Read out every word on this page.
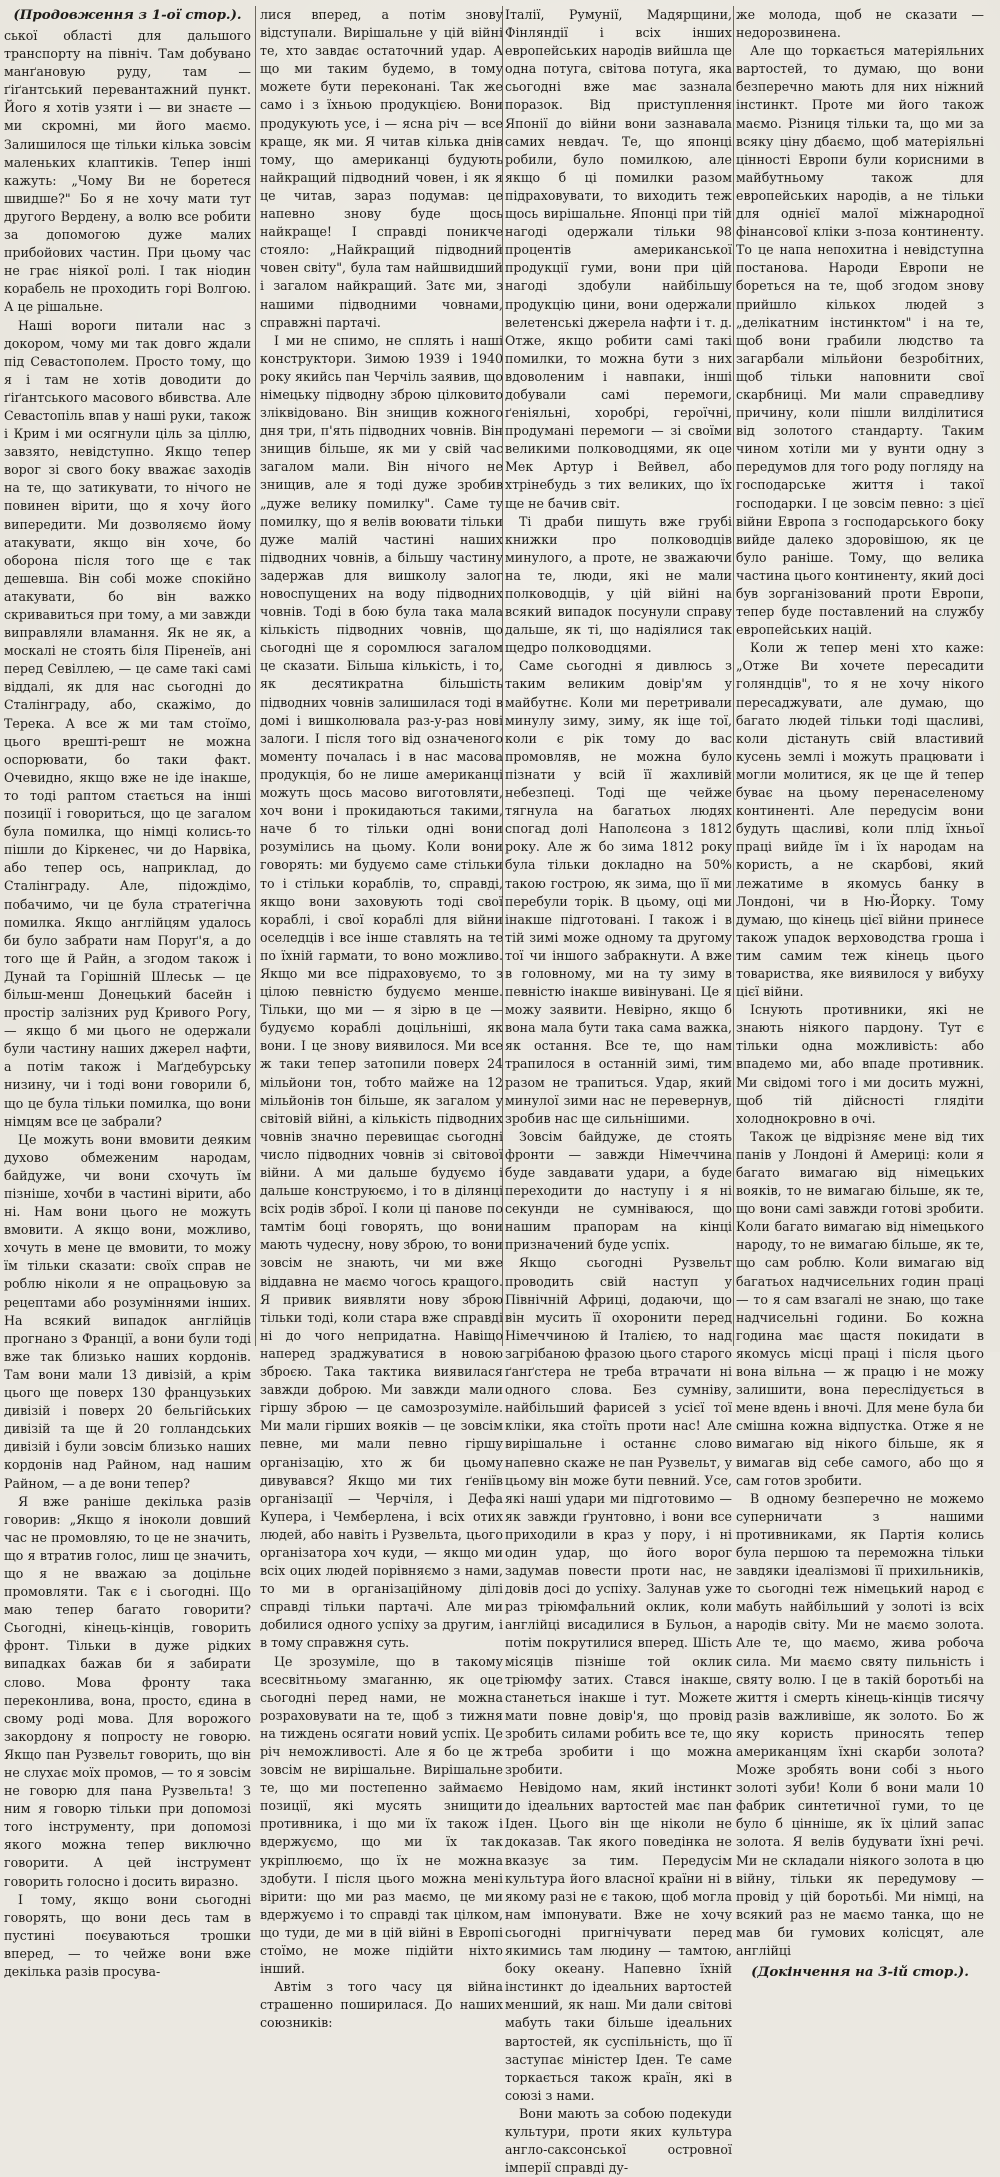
(Продовження з 1-ої стор.).

ської області для дальшого транспорту на північ. Там добувано манґановую руду, там — ґіґантський перевантажний пункт. Його я хотів узяти і — ви знаєте — ми скромні, ми його маємо. Залишилося ще тільки кілька зовсім маленьких клаптиків. Тепер інші кажуть: „Чому Ви не боретеся швидше?" Бо я не хочу мати тут другого Вердену, а волю все робити за допомогою дуже малих прибойових частин. При цьому час не грає ніякої ролі. І так ніодин корабель не проходить горі Волгою. А це рішальне.

Наші вороги питали нас з докором, чому ми так довго ждали під Севастополем. Просто тому, що я і там не хотів доводити до ґіґантського масового вбивства. Але Севастопіль впав у наші руки, також і Крим і ми осягнули ціль за ціллю, завзято, невідступно. Якщо тепер ворог зі свого боку вважає заходів на те, що затикувати, то нічого не повинен вірити, що я хочу його випередити. Ми дозволяємо йому атакувати, якщо він хоче, бо оборона після того ще є так дешевша. Він собі може спокійно атакувати, бо він важко скривавиться при тому, а ми завжди виправляли вламання. Як не як, а москалі не стоять біля Піренеїв, ані перед Севіллею, — це саме такі самі віддалі, як для нас сьогодні до Сталінграду, або, скажімо, до Терека. А все ж ми там стоїмо, цього врешті-решт не можна оспорювати, бо таки факт. Очевидно, якщо вже не іде інакше, то тоді раптом стається на інші позиції і говориться, що це загалом була помилка, що німці колись-то пішли до Кіркенес, чи до Нарвіка, або тепер ось, наприклад, до Сталінграду. Але, підождімо, побачимо, чи це була стратегічна помилка. Якщо англійцям удалось би було забрати нам Поруґ'я, а до того ще й Райн, а згодом також і Дунай та Горішній Шлеськ — це більш-менш Донецький басейн і простір залізних руд Кривого Рогу, — якщо б ми цього не одержали були частину наших джерел нафти, а потім також і Маґдебурську низину, чи і тоді вони говорили б, що це була тільки помилка, що вони німцям все це забрали?

Це можуть вони вмовити деяким духово обмеженим народам, байдуже, чи вони схочуть їм пізніше, хочби в частині вірити, або ні. Нам вони цього не можуть вмовити. А якщо вони, можливо, хочуть в мене це вмовити, то можу їм тільки сказати: своїх справ не роблю ніколи я не опрацьовую за рецептами або розуміннями інших. На всякий випадок англійців прогнано з Франції, а вони були тоді вже так близько наших кордонів. Там вони мали 13 дивізій, а крім цього ще поверх 130 французьких дивізій і поверх 20 бельгійських дивізій та ще й 20 голландських дивізій і були зовсім близько наших кордонів над Райном, над нашим Райном, — а де вони тепер?

Я вже раніше декілька разів говорив: „Якщо я іноколи довший час не промовляю, то це не значить, що я втратив голос, лиш це значить, що я не вважаю за доцільне промовляти. Так є і сьогодні. Що маю тепер багато говорити? Сьогодні, кінець-кінців, говорить фронт. Тільки в дуже рідких випадках бажав би я забирати слово. Мова фронту така переконлива, вона, просто, єдина в свому роді мова. Для ворожого закордону я попросту не говорю. Якщо пан Рузвельт говорить, що він не слухає моїх промов, — то я зовсім не говорю для пана Рузвельта! З ним я говорю тільки при допомозі того інструменту, при допомозі якого можна тепер виключно говорити. А цей інструмент говорить голосно і досить виразно.

І тому, якщо вони сьогодні говорять, що вони десь там в пустині поєуваються трошки вперед, — то чейже вони вже декілька разів просува-

лися вперед, а потім знову відступали. Вирішальне у цій війні те, хто завдає остаточний удар. А що ми таким будемо, в тому можете бути переконані. Так же само і з їхньою продукцією. Вони продукують усе, і — ясна річ — все краще, як ми. Я читав кілька днів тому, що американці будують найкращий підводний човен, і як я це читав, зараз подумав: це напевно знову буде щось найкраще! І справді поникче стояло: „Найкращий підводний човен світу", була там найшвидший і загалом найкращий. Затє ми, з нашими підводними човнами, справжні партачі.

І ми не спимо, не сплять і наші конструктори. Зимою 1939 і 1940 року якийсь пан Черчіль заявив, що німецьку підводну зброю цілковито зліквідовано. Він знищив кожного дня три, п'ять підводних човнів. Він знищив більше, як ми у свій час загалом мали. Він нічого не знищив, але я тоді дуже зробив „дуже велику помилку". Саме ту помилку, що я велів воювати тільки дуже малій частині наших підводних човнів, а більшу частину задержав для вишколу залог новоспущених на воду підводних човнів. Тоді в бою була така мала кількість підводних човнів, що сьогодні ще я соромлюся загалом це сказати. Більша кількість, і то, як десятикратна більшість підводних човнів залишилася тоді в домі і вишколювала раз-у-раз нові залоги. І після того від означеного моменту почалась і в нас масова продукція, бо не лише американці можуть щось масово виготовляти, хоч вони і прокидаються такими, наче б то тільки одні вони розумілись на цьому. Коли вони говорять: ми будуємо саме стільки то і стільки кораблів, то, справді, якщо вони заховують тоді свої кораблі, і свої кораблі для війни оселедців і все інше ставлять на те по їхній гармати, то воно можливо. Якщо ми все підраховуємо, то з цілою певністю будуємо менше. Тільки, що ми — я зірю в це — будуємо кораблі доцільніші, як вони. І це знову виявилося. Ми все ж таки тепер затопили поверх 24 мільйони тон, тобто майже на 12 мільйонів тон більше, як загалом у світовій війні, а кількість підводних човнів значно перевищає сьогодні число підводних човнів зі світової війни. А ми дальше будуємо і дальше конструюємо, і то в ділянці всіх родів зброї. І коли ці панове по тамтім боці говорять, що вони мають чудесну, нову зброю, то вони зовсім не знають, чи ми вже віддавна не маємо чогось кращого. Я привик виявляти нову зброю тільки тоді, коли стара вже справді ні до чого непридатна. Навіщо наперед зраджуватися в новою зброєю. Така тактика виявилася завжди доброю. Ми завжди мали гіршу зброю — це самозрозуміле. Ми мали гірших вояків — це зовсім певне, ми мали певно гіршу організацію, хто ж би цьому дивувався? Якщо ми тих ґеніїв організації — Черчіля, і Дефа Купера, і Чемберлена, і всіх отих людей, або навіть і Рузвельта, цього організатора хоч куди, — якщо ми всіх оцих людей порівняємо з нами, то ми в організаційному ділі справді тільки партачі. Але ми добилися одного успіху за другим, і в тому справжня суть.

Це зрозуміле, що в такому всесвітньому змаганню, як оце сьогодні перед нами, не можна розраховувати на те, щоб з тижня на тиждень осягати новий успіх. Це річ неможливості. Але я бо це ж зовсім не вирішальне. Вирішальне те, що ми постепенно займаємо позиції, які мусять знищити противника, і що ми їх також і вдержуємо, що ми їх так укріплюємо, що їх не можна здобути. І після цього можна мені вірити: що ми раз маємо, це ми вдержуємо і то справді так цілком, що туди, де ми в цій війні в Европі стоїмо, не може підійти ніхто інший.

Автім з того часу ця війна страшенно поширилася. До наших союзників:

Італії, Румунії, Мадярщини, Фінляндії і всіх інших европейських народів вийшла ще одна потуга, світова потуга, яка сьогодні вже має зазнала поразок. Від приступлення Японії до війни вони зазнавала самих невдач. Те, що японці робили, було помилкою, але якщо б ці помилки разом підраховувати, то виходить теж щось вирішальне. Японці при тій нагоді одержали тільки 98 процентів американської продукції гуми, вони при цій нагоді здобули найбільшу продукцію цини, вони одержали велетенські джерела нафти і т. д. Отже, якщо робити самі такі помилки, то можна бути з них вдоволеним і навпаки, інші добували самі перемоги, ґеніяльні, хоробрі, героїчні, продумані перемоги — зі своїми великими полководцями, як оце Мек Артур і Вейвел, або хтрінебудь з тих великих, що їх ще не бачив світ.

Ті драби пишуть вже грубі книжки про полководців минулого, а проте, не зважаючи на те, люди, які не мали полководців, у цій війні на всякий випадок посунули справу дальше, як ті, що надіялися так щедро полководцями.

Саме сьогодні я дивлюсь з таким великим довір'ям у майбутнє. Коли ми перетривали минулу зиму, зиму, як іще тої, коли є рік тому до вас промовляв, не можна було пізнати у всій її жахливій небезпеці. Тоді ще чейже тягнула на багатьох людях спогад долі Наполєона з 1812 року. Але ж бо зима 1812 року була тільки докладно на 50% такою гострою, як зима, що її ми перебули торік. В цьому, оці ми інакше підготовані. І також і в тій зимі може одному та другому тої чи іншого забракнути. А вже в головному, ми на ту зиму в певністю інакше вивінувані. Це я можу заявити. Невірно, якщо б вона мала бути така сама важка, як остання. Все те, що нам трапилося в останній зимі, тим разом не трапиться. Удар, який минулої зими нас не перевернув, зробив нас ще сильнішими.

Зовсім байдуже, де стоять фронти — завжди Німеччина буде завдавати удари, а буде переходити до наступу і я ні секунди не сумніваюся, що нашим прапорам на кінці призначений буде успіх.

Якщо сьогодні Рузвельт проводить свій наступ у Північній Африці, додаючи, що він мусить її охоронити перед Німеччиною й Італією, то над загрібаною фразою цього старого ґанґстера не треба втрачати ні одного слова. Без сумніву, найбільший фарисей з усієї тої кліки, яка стоїть проти нас! Але вирішальне і останнє слово напевно скаже не пан Рузвельт, у цьому він може бути певний. Усе, які наші удари ми підготовимо — як завжди ґрунтовно, і вони все приходили в краз у пору, і ні один удар, що його ворог задумав повести проти нас, не довів досі до успіху. Залунав уже раз тріюмфальний оклик, коли англійці висадилися в Бульон, а потім покрутилися вперед. Шість місяців пізніше той оклик тріюмфу затих. Стався інакше, станеться інакше і тут. Можете мати повне довір'я, що провід зробить силами робить все те, що треба зробити і що можна зробити.

Невідомо нам, який інстинкт до ідеальних вартостей має пан Іден. Цього він ще ніколи не доказав. Так якого поведінка не вказує за тим. Передусім культура його власної країни ні в якому разі не є такою, щоб могла нам імпонувати. Вже не хочу сьогодні пригнічувати перед якимись там людину — тамтою, боку океану. Напевно їхній інстинкт до ідеальних вартостей менший, як наш. Ми дали світові мабуть таки більше ідеальних вартостей, як суспільність, що її заступає міністер Іден. Те саме торкається також країн, які в союзі з нами.

Вони мають за собою подекуди культури, проти яких культура англо-саксонської островної імперії справді ду-

же молода, щоб не сказати — недорозвинена.

Але що торкається матеріяльних вартостей, то думаю, що вони безперечно мають для них ніжний інстинкт. Проте ми його також маємо. Різниця тільки та, що ми за всяку ціну дбаємо, щоб матеріяльні цінності Европи були корисними в майбутньому також для европейських народів, а не тільки для однієї малої міжнародної фінансової кліки з-поза континенту. То це напа непохитна і невідступна постанова. Народи Европи не бореться на те, щоб згодом знову прийшло кількох людей з „делікатним інстинктом" і на те, щоб вони грабили людство та загарбали мільйони безробітних, щоб тільки наповнити свої скарбниці. Ми мали справедливу причину, коли пішли вилділитися від золотого стандарту. Таким чином хотіли ми у вунти одну з передумов для того роду погляду на господарське життя і такої господарки. І це зовсім певно: з цієї війни Европа з господарського боку вийде далеко здоровішою, як це було раніше. Тому, що велика частина цього континенту, який досі був зорганізований проти Европи, тепер буде поставлений на службу европейських націй.

Коли ж тепер мені хто каже: „Отже Ви хочете пересадити голяндців", то я не хочу нікого пересаджувати, але думаю, що багато людей тільки тоді щасливі, коли дістануть свій властивий кусень землі і можуть працювати і могли молитися, як це ще й тепер буває на цьому перенаселеному континенті. Але передусім вони будуть щасливі, коли плід їхньої праці вийде їм і їх народам на користь, а не скарбові, який лежатиме в якомусь банку в Лондоні, чи в Ню-Йорку. Тому думаю, що кінець цієї війни принесе також упадок верховодства гроша і тим самим теж кінець цього товариства, яке виявилося у вибуху цієї війни.

Існують противники, які не знають ніякого пардону. Тут є тільки одна можливість: або впадемо ми, або впаде противник. Ми свідомі того і ми досить мужні, щоб тій дійсності глядіти холоднокровно в очі.

Також це відрізняє мене від тих панів у Лондоні й Америці: коли я багато вимагаю від німецьких вояків, то не вимагаю більше, як те, що вони самі завжди готові зробити. Коли багато вимагаю від німецького народу, то не вимагаю більше, як те, що сам роблю. Коли вимагаю від багатьох надчисельних годин праці — то я сам взагалі не знаю, що таке надчисельні години. Бо кожна година має щастя покидати в якомусь місці праці і після цього вона вільна — ж працю і не можу залишити, вона переслідується в мене вдень і вночі. Для мене була би смішна кожна відпустка. Отже я не вимагаю від нікого більше, як я вимагав від себе самого, або що я сам готов зробити.

В одному безперечно не можемо суперничати з нашими противниками, як Партія колись була першою та переможна тільки завдяки ідеалізмові її прихильників, то сьогодні теж німецький народ є мабуть найбільший у золоті із всіх народів світу. Ми не маємо золота. Але те, що маємо, жива робоча сила. Ми маємо святу пильність і святу волю. І це в такій боротьбі на життя і смерть кінець-кінців тисячу разів важливіше, як золото. Бо ж яку користь приносять тепер американцям їхні скарби золота? Може зробять вони собі з нього золоті зуби! Коли б вони мали 10 фабрик синтетичної гуми, то це було б цінніше, як їх цілий запас золота. Я велів будувати їхні речі. Ми не складали ніякого золота в цю війну, тільки як передумову — провід у цій боротьбі. Ми німці, на всякий раз не маємо танка, що не мав би гумових колісцят, але англійці

(Докінчення на 3-ій стор.).
